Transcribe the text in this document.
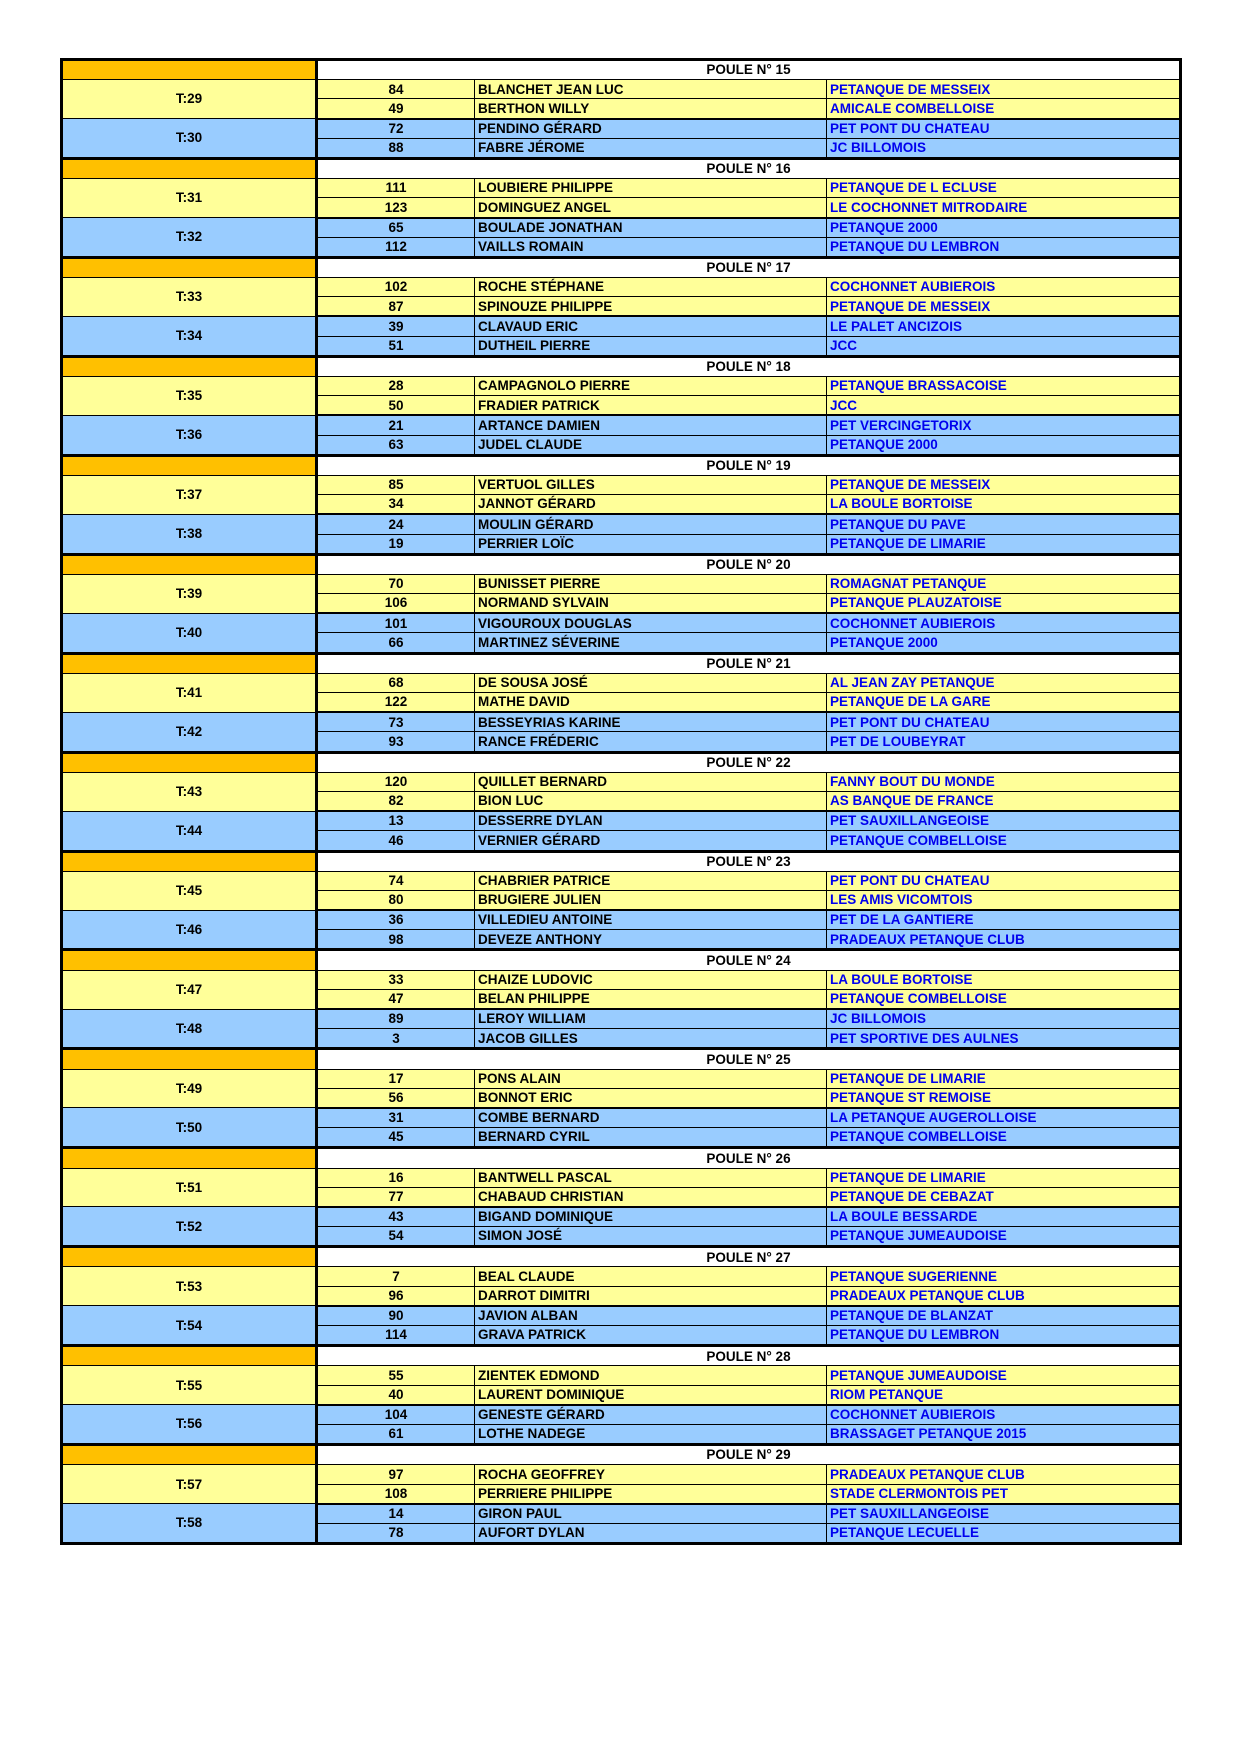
	POULE N° 15		
T:29	84	BLANCHET JEAN LUC	PETANQUE DE MESSEIX
	49	BERTHON WILLY	AMICALE COMBELLOISE
T:30	72	PENDINO GÉRARD	PET PONT DU CHATEAU
	88	FABRE JÉROME	JC BILLOMOIS
	POULE N° 16		
T:31	111	LOUBIERE PHILIPPE	PETANQUE DE L ECLUSE
	123	DOMINGUEZ ANGEL	LE COCHONNET MITRODAIRE
T:32	65	BOULADE JONATHAN	PETANQUE 2000
	112	VAILLS ROMAIN	PETANQUE DU LEMBRON
	POULE N° 17		
T:33	102	ROCHE STÉPHANE	COCHONNET AUBIEROIS
	87	SPINOUZE PHILIPPE	PETANQUE DE MESSEIX
T:34	39	CLAVAUD ERIC	LE PALET ANCIZOIS
	51	DUTHEIL PIERRE	JCC
	POULE N° 18		
T:35	28	CAMPAGNOLO PIERRE	PETANQUE BRASSACOISE
	50	FRADIER PATRICK	JCC
T:36	21	ARTANCE DAMIEN	PET VERCINGETORIX
	63	JUDEL CLAUDE	PETANQUE 2000
	POULE N° 19		
T:37	85	VERTUOL GILLES	PETANQUE DE MESSEIX
	34	JANNOT GÉRARD	LA BOULE BORTOISE
T:38	24	MOULIN GÉRARD	PETANQUE DU PAVE
	19	PERRIER LOÏC	PETANQUE DE LIMARIE
	POULE N° 20		
T:39	70	BUNISSET PIERRE	ROMAGNAT PETANQUE
	106	NORMAND SYLVAIN	PETANQUE PLAUZATOISE
T:40	101	VIGOUROUX DOUGLAS	COCHONNET AUBIEROIS
	66	MARTINEZ SÉVERINE	PETANQUE 2000
	POULE N° 21		
T:41	68	DE SOUSA JOSÉ	AL JEAN ZAY PETANQUE
	122	MATHE DAVID	PETANQUE DE LA GARE
T:42	73	BESSEYRIAS KARINE	PET PONT DU CHATEAU
	93	RANCE FRÉDERIC	PET DE LOUBEYRAT
	POULE N° 22		
T:43	120	QUILLET BERNARD	FANNY BOUT DU MONDE
	82	BION LUC	AS BANQUE DE FRANCE
T:44	13	DESSERRE DYLAN	PET SAUXILLANGEOISE
	46	VERNIER GÉRARD	PETANQUE COMBELLOISE
	POULE N° 23		
T:45	74	CHABRIER PATRICE	PET PONT DU CHATEAU
	80	BRUGIERE JULIEN	LES AMIS VICOMTOIS
T:46	36	VILLEDIEU ANTOINE	PET DE LA GANTIERE
	98	DEVEZE ANTHONY	PRADEAUX PETANQUE CLUB
	POULE N° 24		
T:47	33	CHAIZE LUDOVIC	LA BOULE BORTOISE
	47	BELAN PHILIPPE	PETANQUE COMBELLOISE
T:48	89	LEROY WILLIAM	JC BILLOMOIS
	3	JACOB GILLES	PET SPORTIVE DES AULNES
	POULE N° 25		
T:49	17	PONS ALAIN	PETANQUE DE LIMARIE
	56	BONNOT ERIC	PETANQUE ST REMOISE
T:50	31	COMBE BERNARD	LA PETANQUE AUGEROLLOISE
	45	BERNARD CYRIL	PETANQUE COMBELLOISE
	POULE N° 26		
T:51	16	BANTWELL PASCAL	PETANQUE DE LIMARIE
	77	CHABAUD CHRISTIAN	PETANQUE DE CEBAZAT
T:52	43	BIGAND DOMINIQUE	LA BOULE BESSARDE
	54	SIMON JOSÉ	PETANQUE JUMEAUDOISE
	POULE N° 27		
T:53	7	BEAL CLAUDE	PETANQUE SUGERIENNE
	96	DARROT DIMITRI	PRADEAUX PETANQUE CLUB
T:54	90	JAVION ALBAN	PETANQUE DE BLANZAT
	114	GRAVA PATRICK	PETANQUE DU LEMBRON
	POULE N° 28		
T:55	55	ZIENTEK EDMOND	PETANQUE JUMEAUDOISE
	40	LAURENT DOMINIQUE	RIOM PETANQUE
T:56	104	GENESTE GÉRARD	COCHONNET AUBIEROIS
	61	LOTHE NADEGE	BRASSAGET PETANQUE 2015
	POULE N° 29		
T:57	97	ROCHA GEOFFREY	PRADEAUX PETANQUE CLUB
	108	PERRIERE PHILIPPE	STADE CLERMONTOIS PET
T:58	14	GIRON PAUL	PET SAUXILLANGEOISE
	78	AUFORT DYLAN	PETANQUE LECUELLE
